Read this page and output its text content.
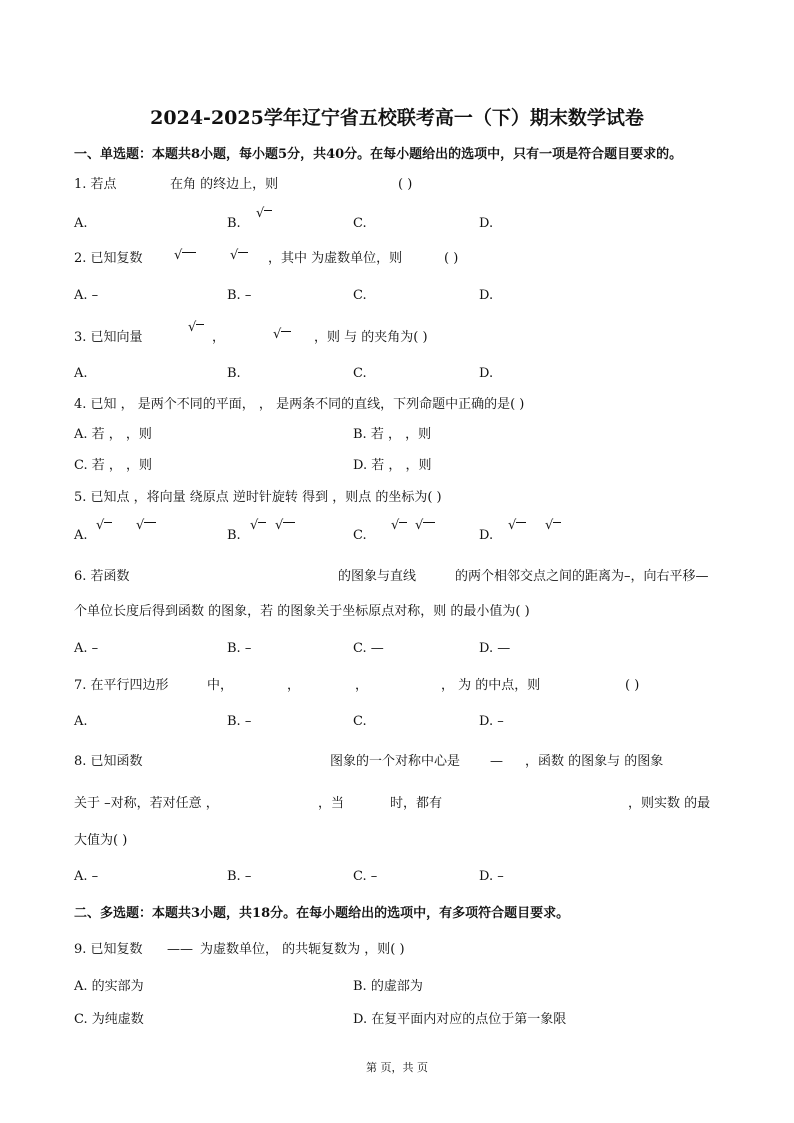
2024-2025学年辽宁省五校联考高一（下）期末数学试卷
一、单选题：本题共8小题，每小题5分，共40分。在每小题给出的选项中，只有一项是符合题目要求的。
1. 若点	在角 的终边上，则	( )
A.	B.
√	C.	D.
2. 已知复数 √ √	，其中 为虚数单位，则	( )
A. –	B. –	C.	D.
3. 已知向量
√	， √	，则 与 的夹角为( )
A.	B.	C.	D.
4. 已知 ， 是两个不同的平面， ， 是两条不同的直线，下列命题中正确的是( )
A. 若 ， ，则	B. 若 ， ，则
C. 若 ， ，则	D. 若 ， ，则
5. 已知点 ，将向量 绕原点 逆时针旋转 得到 ，则点 的坐标为( )
A.
√
√	B.
√
√	C.
√
√	D.
√
√
6. 若函数	的图象与直线	的两个相邻交点之间的距离为–，向右平移—
个单位长度后得到函数 的图象，若 的图象关于坐标原点对称，则 的最小值为( )
A. –	B. –	C. —	D. —
7. 在平行四边形	中，	，	，	， 为 的中点，则	( )
A.	B. –	C.	D. –
8. 已知函数	图象的一个对称中心是 — ，函数 的图象与 的图象
关于 –对称，若对任意 ，	，当	时，都有	，则实数 的最
大值为( )
A. –	B. –	C. –	D. –
二、多选题：本题共3小题，共18分。在每小题给出的选项中，有多项符合题目要求。
9. 已知复数 —— 为虚数单位， 的共轭复数为 ，则( )
A. 的实部为	B. 的虚部为
C. 为纯虚数	D. 在复平面内对应的点位于第一象限
第 页，共 页
